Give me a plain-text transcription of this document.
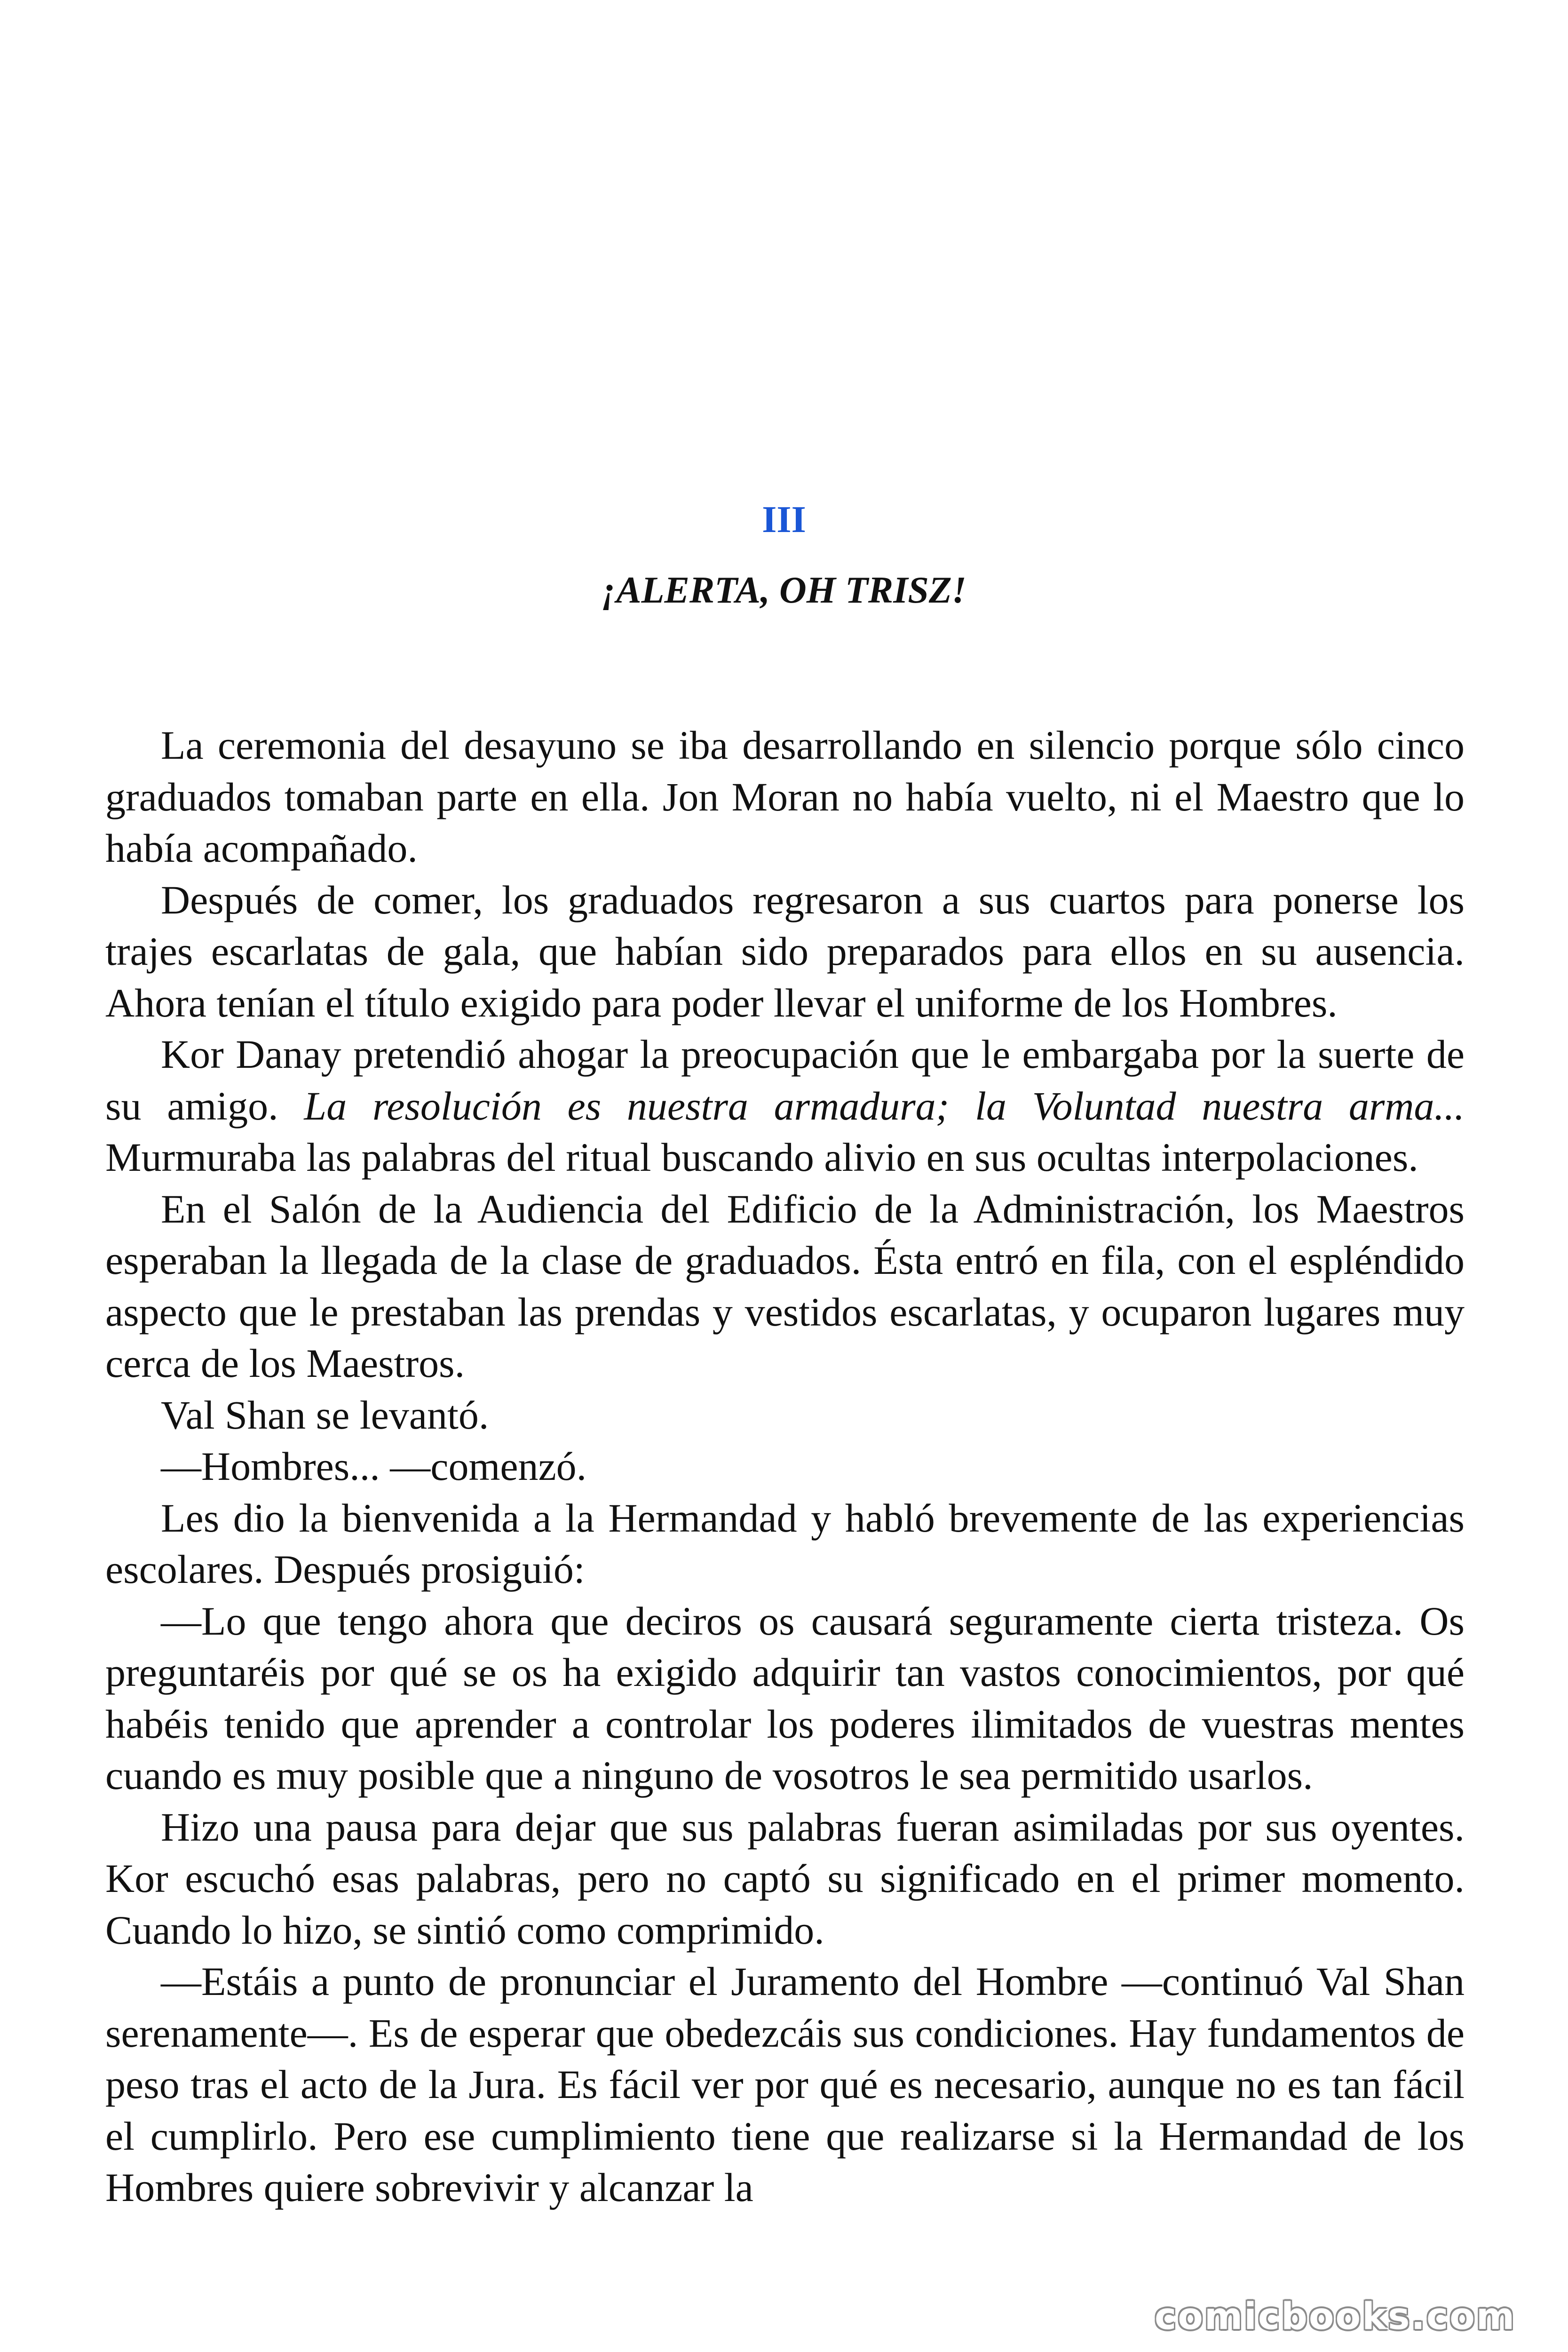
III
¡ALERTA, OH TRISZ!

La ceremonia del desayuno se iba desarrollando en silencio porque sólo cinco graduados tomaban parte en ella. Jon Moran no había vuelto, ni el Maestro que lo había acompañado.

Después de comer, los graduados regresaron a sus cuartos para ponerse los trajes escarlatas de gala, que habían sido preparados para ellos en su ausencia. Ahora tenían el título exigido para poder llevar el uniforme de los Hombres.

Kor Danay pretendió ahogar la preocupación que le embargaba por la suerte de su amigo. La resolución es nuestra armadura; la Voluntad nuestra arma... Murmuraba las palabras del ritual buscando alivio en sus ocultas interpolaciones.

En el Salón de la Audiencia del Edificio de la Administración, los Maestros esperaban la llegada de la clase de graduados. Ésta entró en fila, con el espléndido aspecto que le prestaban las prendas y vestidos escarlatas, y ocuparon lugares muy cerca de los Maestros.

Val Shan se levantó.

—Hombres... —comenzó.

Les dio la bienvenida a la Hermandad y habló brevemente de las experiencias escolares. Después prosiguió:

—Lo que tengo ahora que deciros os causará seguramente cierta tristeza. Os preguntaréis por qué se os ha exigido adquirir tan vastos conocimientos, por qué habéis tenido que aprender a controlar los poderes ilimitados de vuestras mentes cuando es muy posible que a ninguno de vosotros le sea permitido usarlos.

Hizo una pausa para dejar que sus palabras fueran asimiladas por sus oyentes. Kor escuchó esas palabras, pero no captó su significado en el primer momento. Cuando lo hizo, se sintió como comprimido.

—Estáis a punto de pronunciar el Juramento del Hombre —continuó Val Shan serenamente—. Es de esperar que obedezcáis sus condiciones. Hay fundamentos de peso tras el acto de la Jura. Es fácil ver por qué es necesario, aunque no es tan fácil el cumplirlo. Pero ese cumplimiento tiene que realizarse si la Hermandad de los Hombres quiere sobrevivir y alcanzar la

comicbooks.com
